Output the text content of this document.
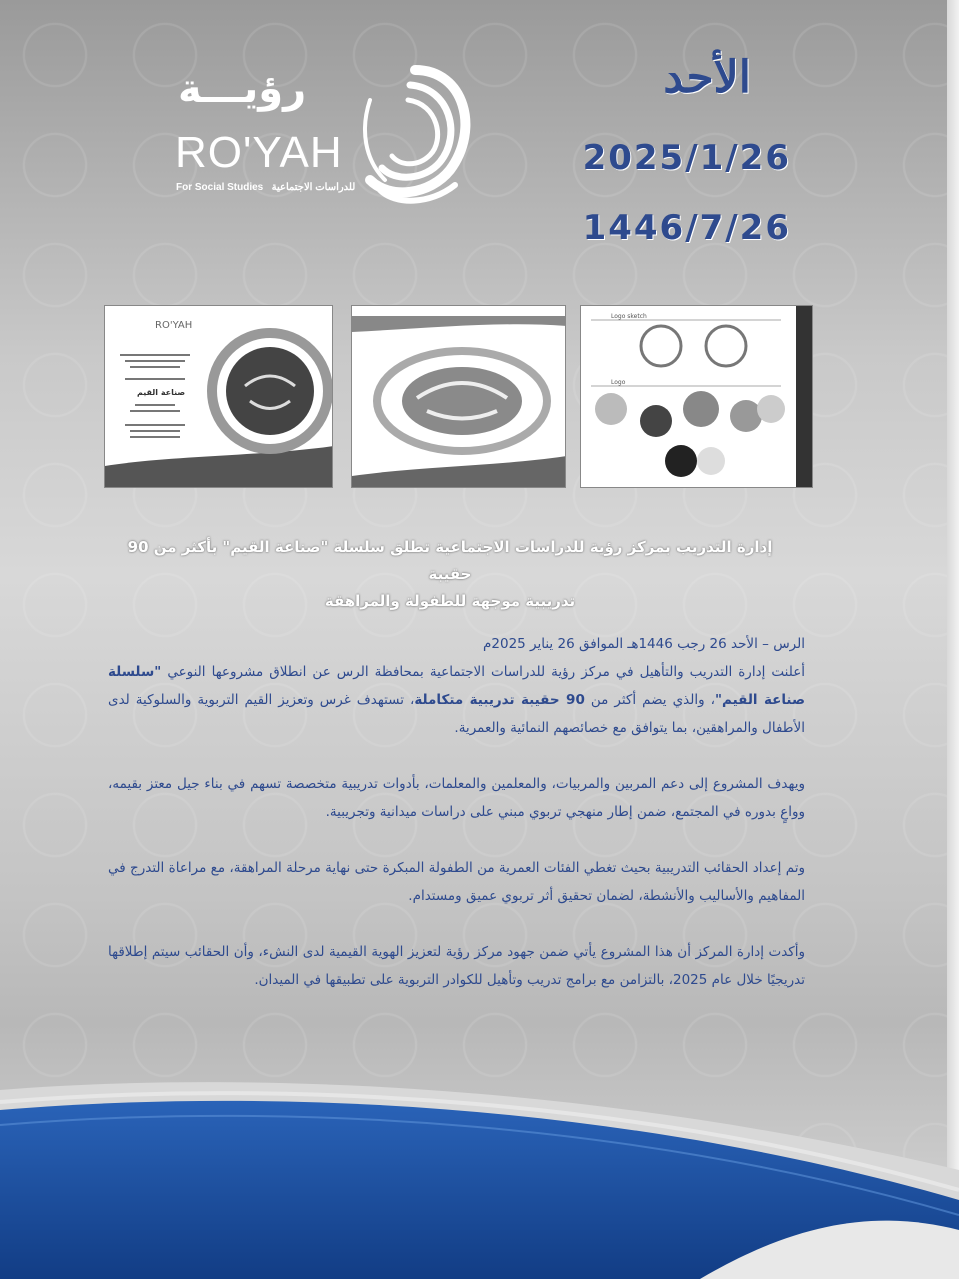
رؤيـــة
RO'YAH
For Social Studies للدراسات الاجتماعية
الأحد
2025/1/26
1446/7/26
RO'YAH
صناعة القيم
Logo sketch
Logo
إدارة التدريب بمركز رؤية للدراسات الاجتماعية تطلق سلسلة "صناعة القيم" بأكثر من 90 حقيبة
تدريبية موجهة للطفولة والمراهقة

الرس – الأحد 26 رجب 1446هـ الموافق 26 يناير 2025م
أعلنت إدارة التدريب والتأهيل في مركز رؤية للدراسات الاجتماعية بمحافظة الرس عن انطلاق مشروعها النوعي "سلسلة صناعة القيم"، والذي يضم أكثر من 90 حقيبة تدريبية متكاملة، تستهدف غرس وتعزيز القيم التربوية والسلوكية لدى الأطفال والمراهقين، بما يتوافق مع خصائصهم النمائية والعمرية.

ويهدف المشروع إلى دعم المربين والمربيات، والمعلمين والمعلمات، بأدوات تدريبية متخصصة تسهم في بناء جيل معتز بقيمه، وواعٍ بدوره في المجتمع، ضمن إطار منهجي تربوي مبني على دراسات ميدانية وتجريبية.

وتم إعداد الحقائب التدريبية بحيث تغطي الفئات العمرية من الطفولة المبكرة حتى نهاية مرحلة المراهقة، مع مراعاة التدرج في المفاهيم والأساليب والأنشطة، لضمان تحقيق أثر تربوي عميق ومستدام.

وأكدت إدارة المركز أن هذا المشروع يأتي ضمن جهود مركز رؤية لتعزيز الهوية القيمية لدى النشء، وأن الحقائب سيتم إطلاقها تدريجيًا خلال عام 2025، بالتزامن مع برامج تدريب وتأهيل للكوادر التربوية على تطبيقها في الميدان.
